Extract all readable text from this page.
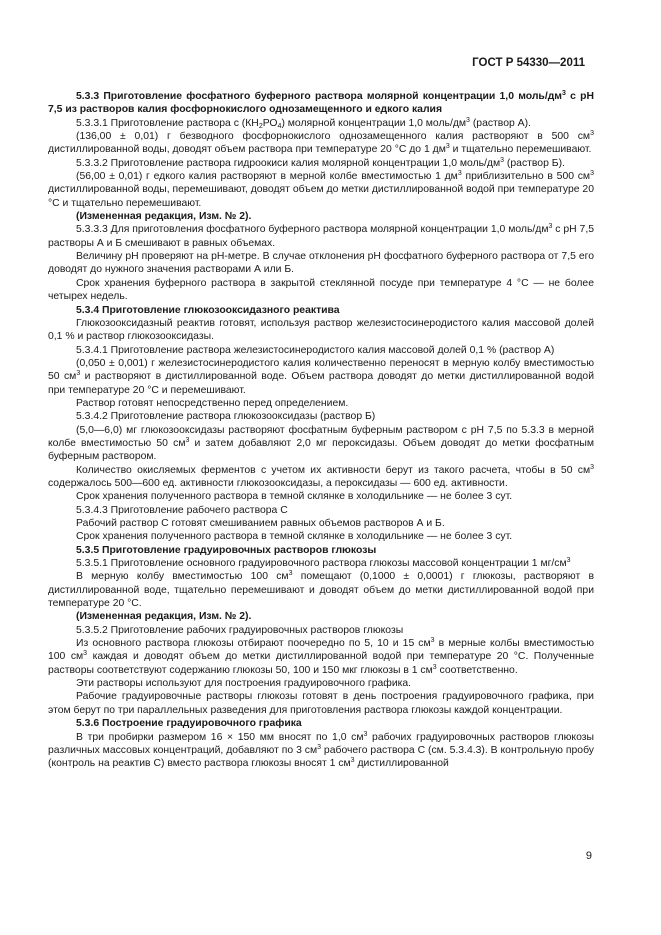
ГОСТ Р 54330—2011

5.3.3 Приготовление фосфатного буферного раствора молярной концентрации 1,0 моль/$дм^3$ с рН 7,5 из растворов калия фосфорнокислого однозамещенного и едкого калия

5.3.3.1 Приготовление раствора с $(КН_2РО_4)$ молярной концентрации 1,0 моль/$дм^3$ (раствор А).

(136,00 ± 0,01) г безводного фосфорнокислого однозамещенного калия растворяют в 500 $см^3$ дистиллированной воды, доводят объем раствора при температуре 20 °С до 1 $дм^3$ и тщательно перемешивают.

5.3.3.2 Приготовление раствора гидроокиси калия молярной концентрации 1,0 моль/$дм^3$ (раствор Б).

(56,00 ± 0,01) г едкого калия растворяют в мерной колбе вместимостью 1 $дм^3$ приблизительно в 500 $см^3$ дистиллированной воды, перемешивают, доводят объем до метки дистиллированной водой при температуре 20 °С и тщательно перемешивают.

(Измененная редакция, Изм. № 2).

5.3.3.3 Для приготовления фосфатного буферного раствора молярной концентрации 1,0 моль/$дм^3$ с рН 7,5 растворы А и Б смешивают в равных объемах.

Величину рН проверяют на рН-метре. В случае отклонения рН фосфатного буферного раствора от 7,5 его доводят до нужного значения растворами А или Б.

Срок хранения буферного раствора в закрытой стеклянной посуде при температуре 4 °С — не более четырех недель.

5.3.4 Приготовление глюкозооксидазного реактива

Глюкозооксидазный реактив готовят, используя раствор железистосинеродистого калия массовой долей 0,1 % и раствор глюкозооксидазы.

5.3.4.1 Приготовление раствора железистосинеродистого калия массовой долей 0,1 % (раствор А)

(0,050 ± 0,001) г железистосинеродистого калия количественно переносят в мерную колбу вместимостью 50 $см^3$ и растворяют в дистиллированной воде. Объем раствора доводят до метки дистиллированной водой при температуре 20 °С и перемешивают.

Раствор готовят непосредственно перед определением.

5.3.4.2 Приготовление раствора глюкозооксидазы (раствор Б)

(5,0—6,0) мг глюкозооксидазы растворяют фосфатным буферным раствором с рН 7,5 по 5.3.3 в мерной колбе вместимостью 50 $см^3$ и затем добавляют 2,0 мг пероксидазы. Объем доводят до метки фосфатным буферным раствором.

Количество окисляемых ферментов с учетом их активности берут из такого расчета, чтобы в 50 $см^3$ содержалось 500—600 ед. активности глюкозооксидазы, а пероксидазы — 600 ед. активности.

Срок хранения полученного раствора в темной склянке в холодильнике — не более 3 сут.

5.3.4.3 Приготовление рабочего раствора С

Рабочий раствор С готовят смешиванием равных объемов растворов А и Б.

Срок хранения полученного раствора в темной склянке в холодильнике — не более 3 сут.

5.3.5 Приготовление градуировочных растворов глюкозы

5.3.5.1 Приготовление основного градуировочного раствора глюкозы массовой концентрации 1 $мг/см^3$

В мерную колбу вместимостью 100 $см^3$ помещают (0,1000 ± 0,0001) г глюкозы, растворяют в дистиллированной воде, тщательно перемешивают и доводят объем до метки дистиллированной водой при температуре 20 °С.

(Измененная редакция, Изм. № 2).

5.3.5.2 Приготовление рабочих градуировочных растворов глюкозы

Из основного раствора глюкозы отбирают поочередно по 5, 10 и 15 $см^3$ в мерные колбы вместимостью 100 $см^3$ каждая и доводят объем до метки дистиллированной водой при температуре 20 °С. Полученные растворы соответствуют содержанию глюкозы 50, 100 и 150 мкг глюкозы в 1 $см^3$ соответственно.

Эти растворы используют для построения градуировочного графика.

Рабочие градуировочные растворы глюкозы готовят в день построения градуировочного графика, при этом берут по три параллельных разведения для приготовления раствора глюкозы каждой концентрации.

5.3.6 Построение градуировочного графика

В три пробирки размером 16 × 150 мм вносят по 1,0 $см^3$ рабочих градуировочных растворов глюкозы различных массовых концентраций, добавляют по 3 $см^3$ рабочего раствора С (см. 5.3.4.3). В контрольную пробу (контроль на реактив С) вместо раствора глюкозы вносят 1 $см^3$ дистиллированной

9
